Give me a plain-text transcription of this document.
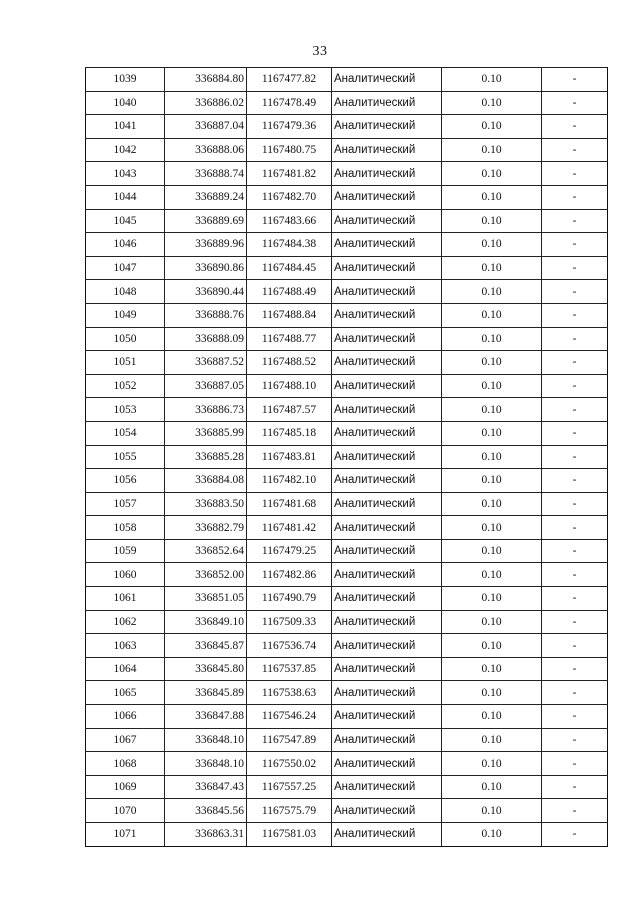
33
1039	336884.80	1167477.82	Аналитический	0.10	-
1040	336886.02	1167478.49	Аналитический	0.10	-
1041	336887.04	1167479.36	Аналитический	0.10	-
1042	336888.06	1167480.75	Аналитический	0.10	-
1043	336888.74	1167481.82	Аналитический	0.10	-
1044	336889.24	1167482.70	Аналитический	0.10	-
1045	336889.69	1167483.66	Аналитический	0.10	-
1046	336889.96	1167484.38	Аналитический	0.10	-
1047	336890.86	1167484.45	Аналитический	0.10	-
1048	336890.44	1167488.49	Аналитический	0.10	-
1049	336888.76	1167488.84	Аналитический	0.10	-
1050	336888.09	1167488.77	Аналитический	0.10	-
1051	336887.52	1167488.52	Аналитический	0.10	-
1052	336887.05	1167488.10	Аналитический	0.10	-
1053	336886.73	1167487.57	Аналитический	0.10	-
1054	336885.99	1167485.18	Аналитический	0.10	-
1055	336885.28	1167483.81	Аналитический	0.10	-
1056	336884.08	1167482.10	Аналитический	0.10	-
1057	336883.50	1167481.68	Аналитический	0.10	-
1058	336882.79	1167481.42	Аналитический	0.10	-
1059	336852.64	1167479.25	Аналитический	0.10	-
1060	336852.00	1167482.86	Аналитический	0.10	-
1061	336851.05	1167490.79	Аналитический	0.10	-
1062	336849.10	1167509.33	Аналитический	0.10	-
1063	336845.87	1167536.74	Аналитический	0.10	-
1064	336845.80	1167537.85	Аналитический	0.10	-
1065	336845.89	1167538.63	Аналитический	0.10	-
1066	336847.88	1167546.24	Аналитический	0.10	-
1067	336848.10	1167547.89	Аналитический	0.10	-
1068	336848.10	1167550.02	Аналитический	0.10	-
1069	336847.43	1167557.25	Аналитический	0.10	-
1070	336845.56	1167575.79	Аналитический	0.10	-
1071	336863.31	1167581.03	Аналитический	0.10	-
